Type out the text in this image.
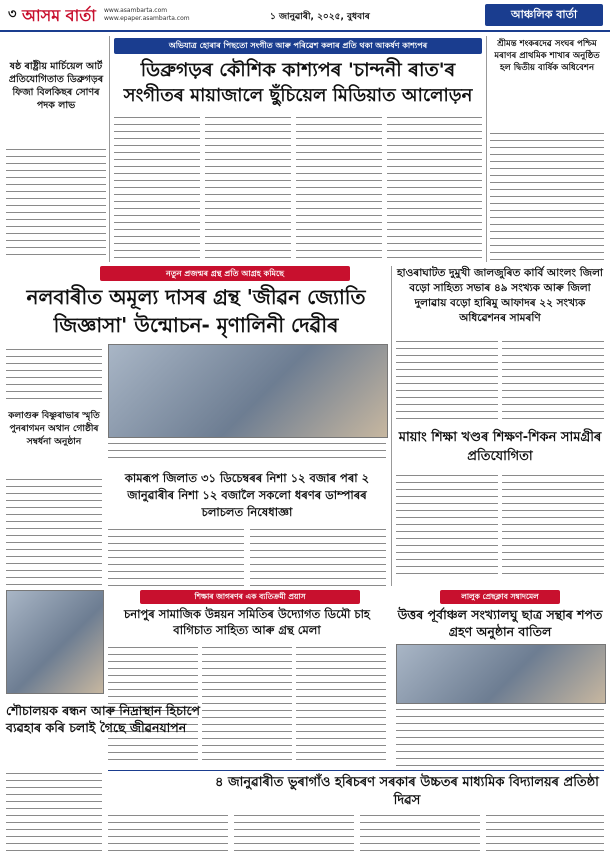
৩ আসম বাৰ্তা www.asambarta.com
www.epaper.asambarta.com	১ জানুৱাৰী, ২০২৫, বুধবাৰ	আঞ্চলিক বাৰ্তা
ষষ্ঠ ৰাষ্ট্ৰীয় মাৰ্চিয়েল আৰ্ট প্ৰতিযোগিতাত ডিব্ৰুগড়ৰ ফিজা বিলকিছৰ সোণৰ পদক লাভ
অভিযাত্ৰ হোৰাৰ পিছতো সংগীত আৰু পৰিৱেশ কলাৰ প্ৰতি থকা আকৰ্ষণ কাশ্যপৰ
ডিব্ৰুগড়ৰ কৌশিক কাশ্যপৰ 'চান্দনী ৰাত'ৰ
সংগীতৰ মায়াজালে ছুঁচিয়েল মিডিয়াত আলোড়ন
শ্ৰীমন্ত শংকৰদেৱ সংঘৰ পশ্চিম মৰাণৰ প্ৰাথমিক শাখাৰ অনুষ্ঠিত হল দ্বিতীয় বাৰ্ষিক অধিবেশন
নতুন প্ৰজন্মৰ গ্ৰন্থ প্ৰতি আগ্ৰহ কমিছে
নলবাৰীত অমূল্য দাসৰ গ্ৰন্থ 'জীৱন জ্যোতি
জিজ্ঞাসা' উন্মোচন- মৃণালিনী দেৱীৰ
হাওৰাঘাটত দুমুখী জালজুৰিত কাৰ্বি আংলং জিলা বড়ো সাহিত্য সভাৰ ৪৯ সংখ্যক আৰু জিলা দুলাৱায় বড়ো হাৰিমু আফাদৰ ২২ সংখ্যক অধিৱেশনৰ সামৰণি
কলাগুৰু বিষ্ণুৰাভাৰ স্মৃতি পুনৰাগমন অথান গোষ্ঠীৰ সম্বৰ্ধনা অনুষ্ঠান
কামৰূপ জিলাত ৩১ ডিচেম্বৰৰ নিশা ১২ বজাৰ পৰা ২ জানুৱাৰীৰ নিশা ১২ বজালৈ সকলো ধৰণৰ ডাম্পাৰৰ চলাচলত নিষেধাজ্ঞা
মায়াং শিক্ষা খণ্ডৰ শিক্ষণ-শিকন সামগ্ৰীৰ প্ৰতিযোগিতা
শিক্ষাৰ জাগৰণৰ এক ব্যতিক্ৰমী প্ৰয়াস
চনাপুৰ সামাজিক উন্নয়ন সমিতিৰ উদ্যোগত ডিমৌ চাহ বাগিচাত সাহিত্য আৰু গ্ৰন্থ মেলা
লালুক প্ৰেছক্লাব সম্বাদমেল
উত্তৰ পূৰ্বাঞ্চল সংখ্যালঘু ছাত্ৰ সন্থাৰ শপত গ্ৰহণ অনুষ্ঠান বাতিল
শৌচালয়ক ৰন্ধন আৰু নিদ্ৰাস্থান হিচাপে ব্যৱহাৰ কৰি চলাই গৈছে জীৱনযাপন
৪ জানুৱাৰীত ভুৰাগাঁও হৰিচৰণ সৰকাৰ উচ্চতৰ মাধ্যমিক বিদ্যালয়ৰ প্ৰতিষ্ঠা দিৱস
